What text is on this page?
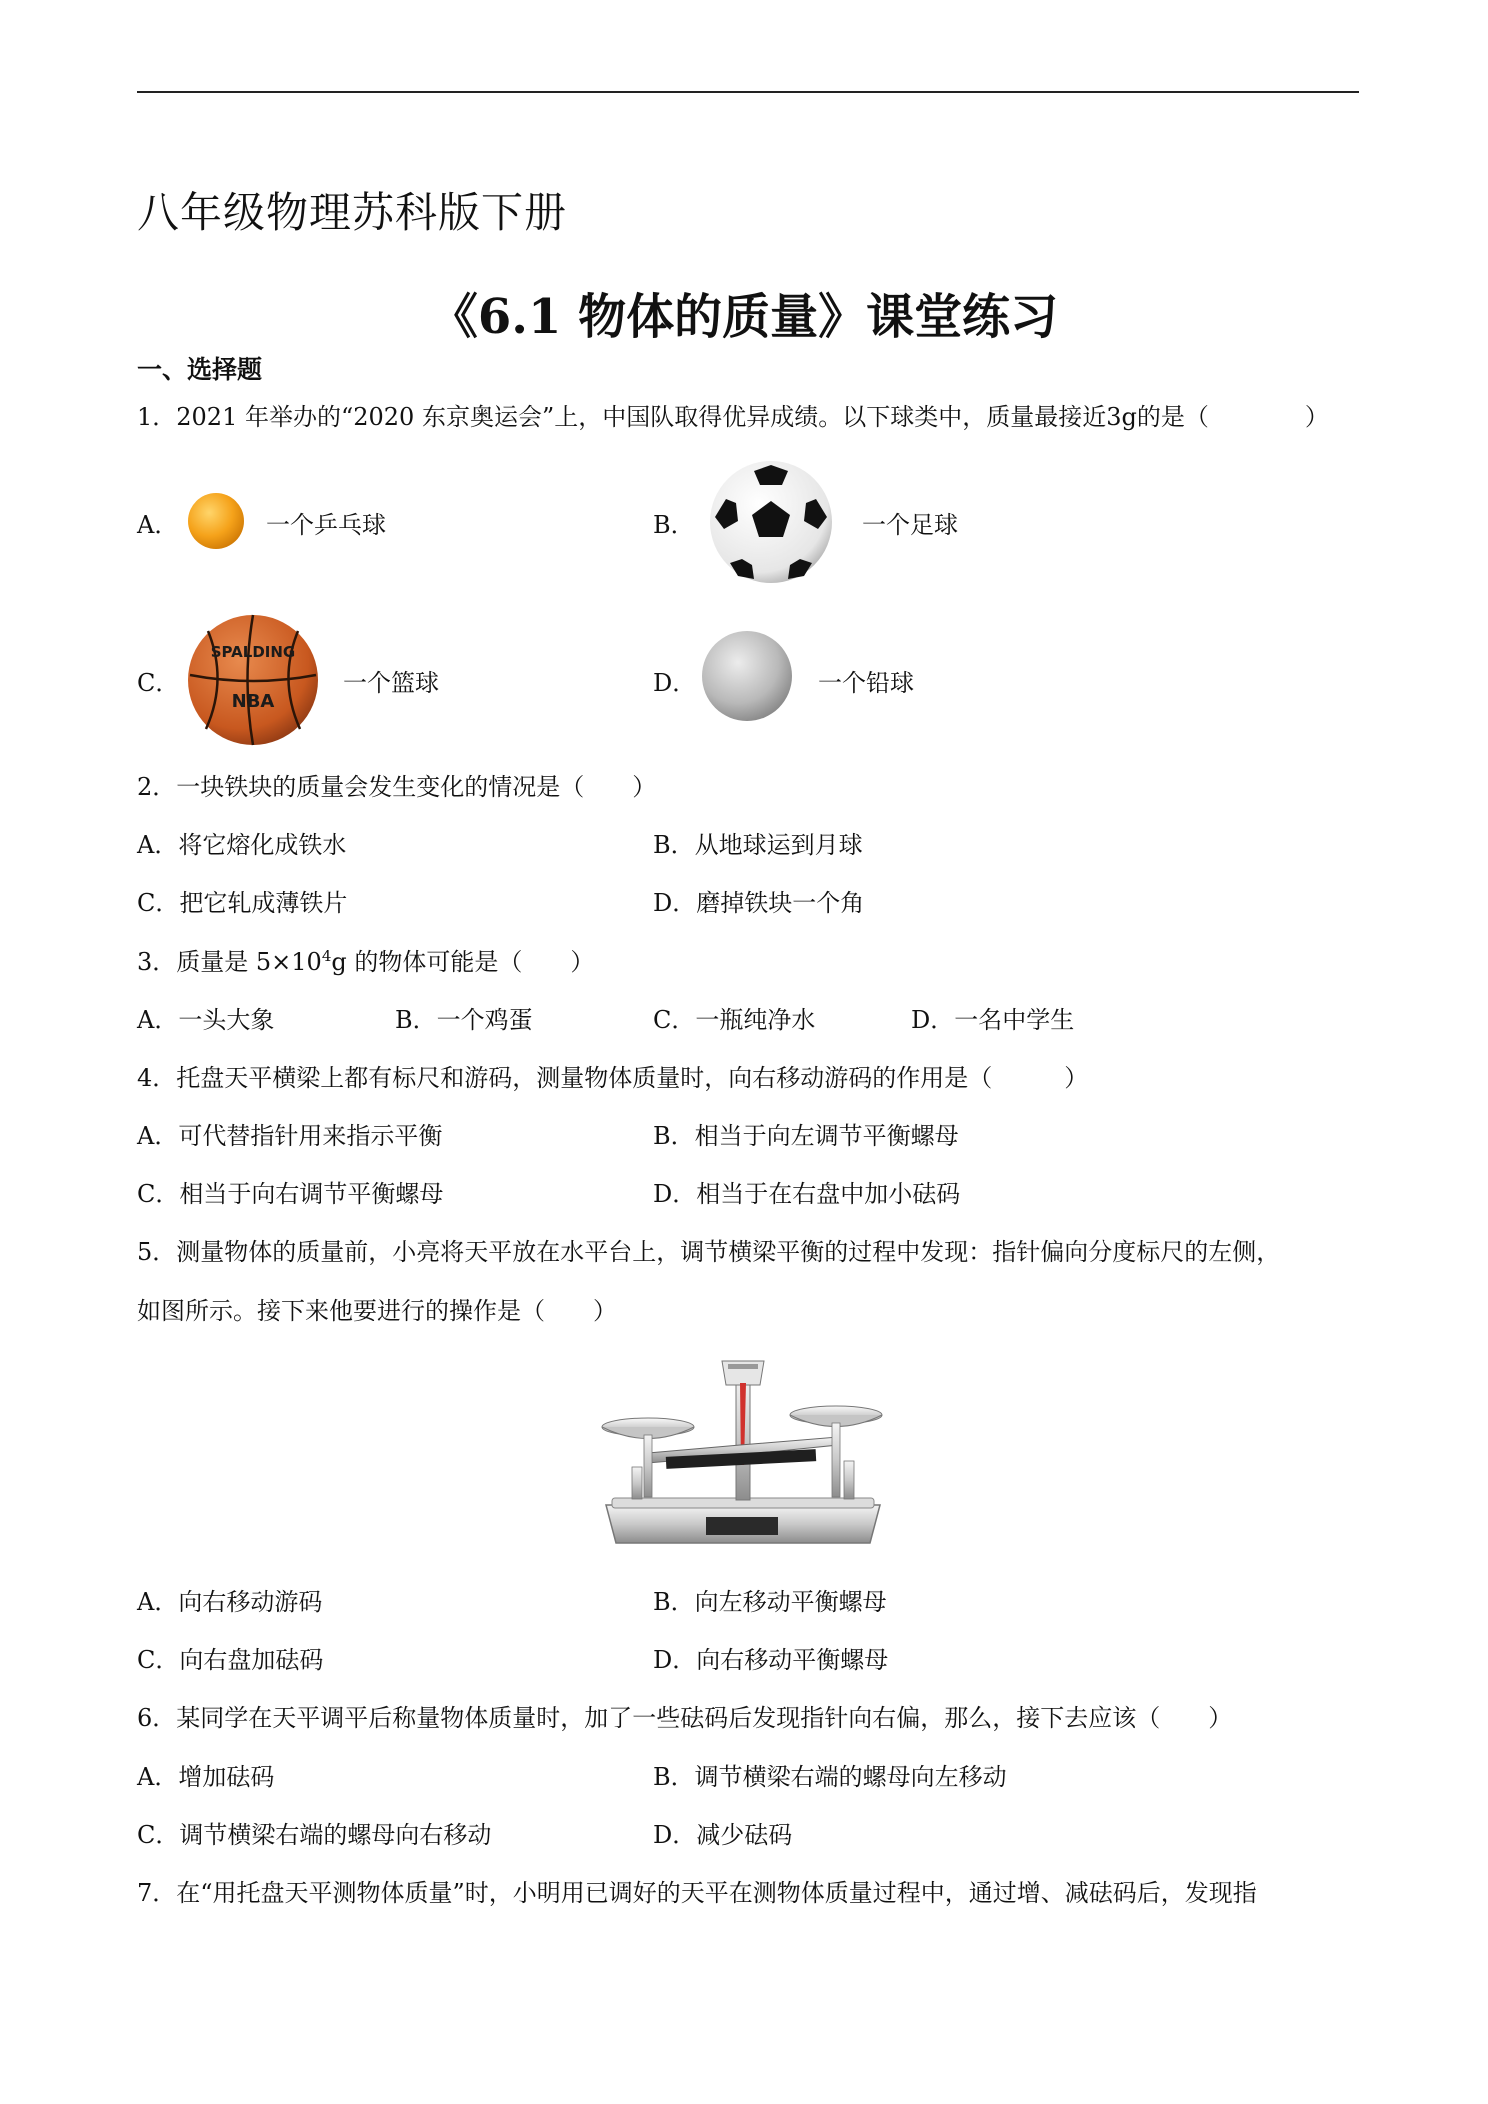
八年级物理苏科版下册
《6.1 物体的质量》课堂练习
一、选择题
1．2021 年举办的“2020 东京奥运会”上，中国队取得优异成绩。以下球类中，质量最接近3g的是（　　　　）
A．	一个乒乓球	B．	一个足球
C．
SPALDING
NBA
一个篮球	D．	一个铅球
2．一块铁块的质量会发生变化的情况是（　　）
A．将它熔化成铁水	B．从地球运到月球
C．把它轧成薄铁片	D．磨掉铁块一个角
3．质量是 $5\times 10^4g$ 的物体可能是（　　）
A．一头大象	B．一个鸡蛋	C．一瓶纯净水	D．一名中学生
4．托盘天平横梁上都有标尺和游码，测量物体质量时，向右移动游码的作用是（　　　）
A．可代替指针用来指示平衡	B．相当于向左调节平衡螺母
C．相当于向右调节平衡螺母	D．相当于在右盘中加小砝码
5．测量物体的质量前，小亮将天平放在水平台上，调节横梁平衡的过程中发现：指针偏向分度标尺的左侧，
如图所示。接下来他要进行的操作是（　　）
A．向右移动游码	B．向左移动平衡螺母
C．向右盘加砝码	D．向右移动平衡螺母
6．某同学在天平调平后称量物体质量时，加了一些砝码后发现指针向右偏，那么，接下去应该（　　）
A．增加砝码	B．调节横梁右端的螺母向左移动
C．调节横梁右端的螺母向右移动	D．减少砝码
7．在“用托盘天平测物体质量”时，小明用已调好的天平在测物体质量过程中，通过增、减砝码后，发现指
